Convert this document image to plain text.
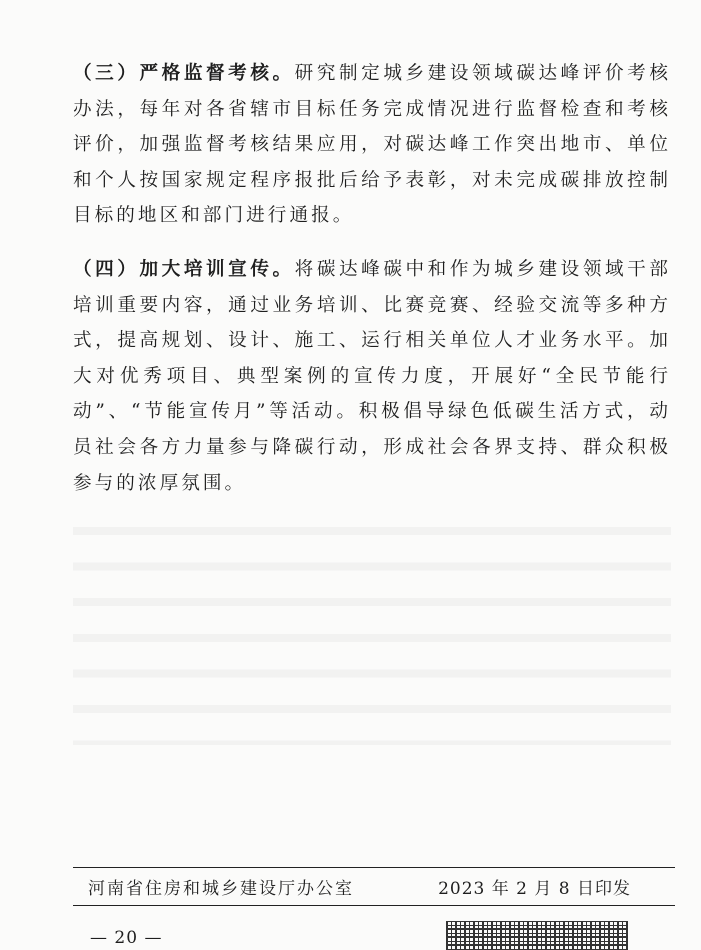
（三）严格监督考核。研究制定城乡建设领域碳达峰评价考核办法，每年对各省辖市目标任务完成情况进行监督检查和考核评价，加强监督考核结果应用，对碳达峰工作突出地市、单位和个人按国家规定程序报批后给予表彰，对未完成碳排放控制目标的地区和部门进行通报。

（四）加大培训宣传。将碳达峰碳中和作为城乡建设领域干部培训重要内容，通过业务培训、比赛竞赛、经验交流等多种方式，提高规划、设计、施工、运行相关单位人才业务水平。加大对优秀项目、典型案例的宣传力度，开展好“全民节能行动”、“节能宣传月”等活动。积极倡导绿色低碳生活方式，动员社会各方力量参与降碳行动，形成社会各界支持、群众积极参与的浓厚氛围。

河南省住房和城乡建设厅办公室	2023 年 2 月 8 日印发
— 20 —
